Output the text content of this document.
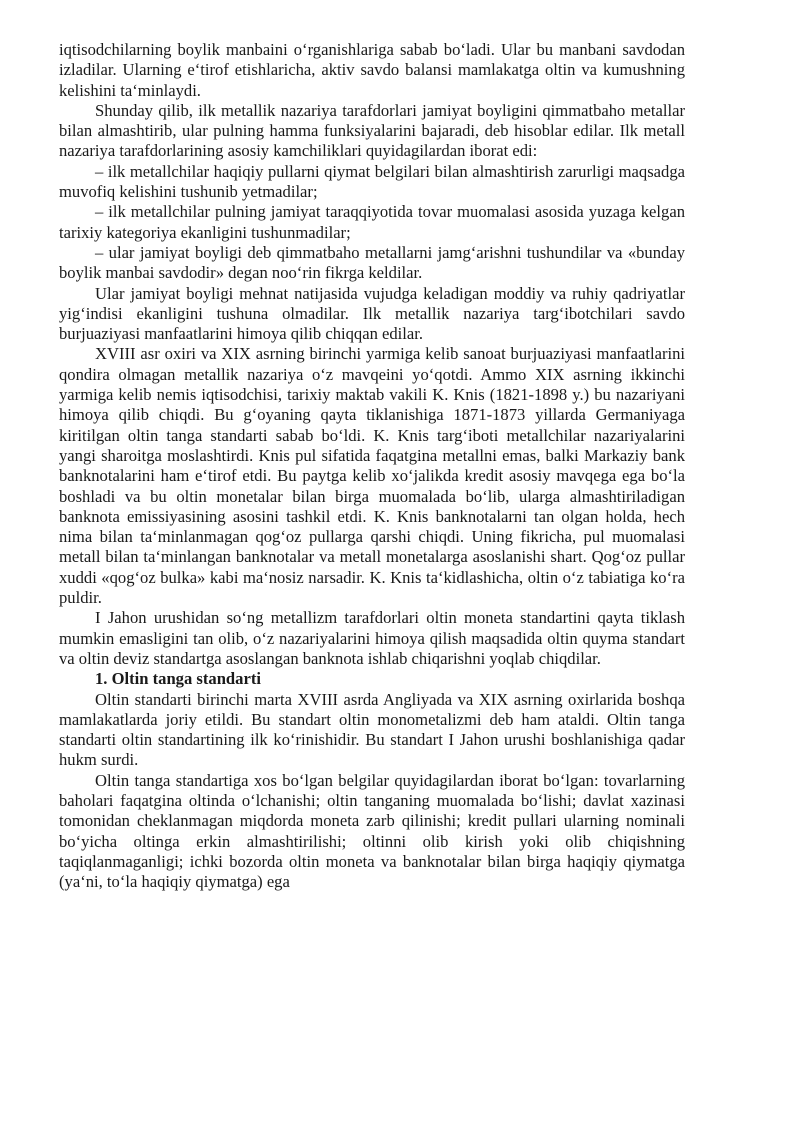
iqtisodchilarning boylik manbaini o‘rganishlariga sabab bo‘ladi. Ular bu manbani savdodan izladilar. Ularning e‘tirof etishlaricha, aktiv savdo balansi mamlakatga oltin va kumushning kelishini ta‘minlaydi.

Shunday qilib, ilk metallik nazariya tarafdorlari jamiyat boyligini qimmatbaho metallar bilan almashtirib, ular pulning hamma funksiyalarini bajaradi, deb hisoblar edilar. Ilk metall nazariya tarafdorlarining asosiy kamchiliklari quyidagilardan iborat edi:

– ilk metallchilar haqiqiy pullarni qiymat belgilari bilan almashtirish zarurligi maqsadga muvofiq kelishini tushunib yetmadilar;

– ilk metallchilar pulning jamiyat taraqqiyotida tovar muomalasi asosida yuzaga kelgan tarixiy kategoriya ekanligini tushunmadilar;

– ular jamiyat boyligi deb qimmatbaho metallarni jamg‘arishni tushundilar va «bunday boylik manbai savdodir» degan noo‘rin fikrga keldilar.

Ular jamiyat boyligi mehnat natijasida vujudga keladigan moddiy va ruhiy qadriyatlar yig‘indisi ekanligini tushuna olmadilar. Ilk metallik nazariya targ‘ibotchilari savdo burjuaziyasi manfaatlarini himoya qilib chiqqan edilar.

XVIII asr oxiri va XIX asrning birinchi yarmiga kelib sanoat burjuaziyasi manfaatlarini qondira olmagan metallik nazariya o‘z mavqeini yo‘qotdi. Ammo XIX asrning ikkinchi yarmiga kelib nemis iqtisodchisi, tarixiy maktab vakili K. Knis (1821-1898 y.) bu nazariyani himoya qilib chiqdi. Bu g‘oyaning qayta tiklanishiga 1871-1873 yillarda Germaniyaga kiritilgan oltin tanga standarti sabab bo‘ldi. K. Knis targ‘iboti metallchilar nazariyalarini yangi sharoitga moslashtirdi. Knis pul sifatida faqatgina metallni emas, balki Markaziy bank banknotalarini ham e‘tirof etdi. Bu paytga kelib xo‘jalikda kredit asosiy mavqega ega bo‘la boshladi va bu oltin monetalar bilan birga muomalada bo‘lib, ularga almashtiriladigan banknota emissiyasining asosini tashkil etdi. K. Knis banknotalarni tan olgan holda, hech nima bilan ta‘minlanmagan qog‘oz pullarga qarshi chiqdi. Uning fikricha, pul muomalasi metall bilan ta‘minlangan banknotalar va metall monetalarga asoslanishi shart. Qog‘oz pullar xuddi «qog‘oz bulka» kabi ma‘nosiz narsadir. K. Knis ta‘kidlashicha, oltin o‘z tabiatiga ko‘ra puldir.

I Jahon urushidan so‘ng metallizm tarafdorlari oltin moneta standartini qayta tiklash mumkin emasligini tan olib, o‘z nazariyalarini himoya qilish maqsadida oltin quyma standart va oltin deviz standartga asoslangan banknota ishlab chiqarishni yoqlab chiqdilar.

1. Oltin tanga standarti

Oltin standarti birinchi marta XVIII asrda Angliyada va XIX asrning oxirlarida boshqa mamlakatlarda joriy etildi. Bu standart oltin monometalizmi deb ham ataldi. Oltin tanga standarti oltin standartining ilk ko‘rinishidir. Bu standart I Jahon urushi boshlanishiga qadar hukm surdi.

Oltin tanga standartiga xos bo‘lgan belgilar quyidagilardan iborat bo‘lgan: tovarlarning baholari faqatgina oltinda o‘lchanishi; oltin tanganing muomalada bo‘lishi; davlat xazinasi tomonidan cheklanmagan miqdorda moneta zarb qilinishi; kredit pullari ularning nominali bo‘yicha oltinga erkin almashtirilishi; oltinni olib kirish yoki olib chiqishning taqiqlanmaganligi; ichki bozorda oltin moneta va banknotalar bilan birga haqiqiy qiymatga (ya‘ni, to‘la haqiqiy qiymatga) ega
